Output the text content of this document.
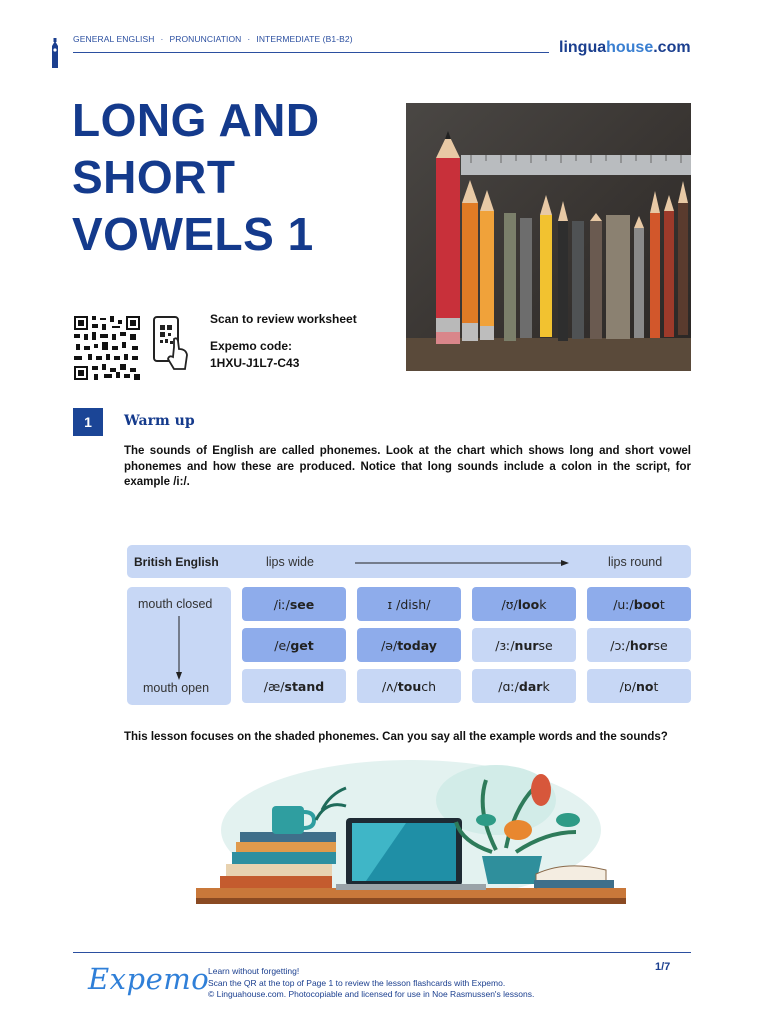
GENERAL ENGLISH · PRONUNCIATION · INTERMEDIATE (B1-B2)	linguahouse.com
LONG AND
SHORT
VOWELS 1
Scan to review worksheet
Expemo code:
1HXU-J1L7-C43
1	Warm up
The sounds of English are called phonemes. Look at the chart which shows long and short vowel phonemes and how these are produced. Notice that long sounds include a colon in the script, for example /i:/.
British English	lips wide	lips round
mouth closed
mouth open
/iː/ see	ɪ /dish/	/ʊ/ l oo k	/uː/ b oo t
/e/ get	/ə/ to day	/ɜː/ n ur se	/ɔː/ h or se
/æ/ stand	/ʌ/ t ou ch	/ɑː/ d ar k	/ɒ/ n o t
This lesson focuses on the shaded phonemes. Can you say all the example words and the sounds?
Expemo
Learn without forgetting!
Scan the QR at the top of Page 1 to review the lesson flashcards with Expemo.
© Linguahouse.com. Photocopiable and licensed for use in Noe Rasmussen's lessons.
1/7
